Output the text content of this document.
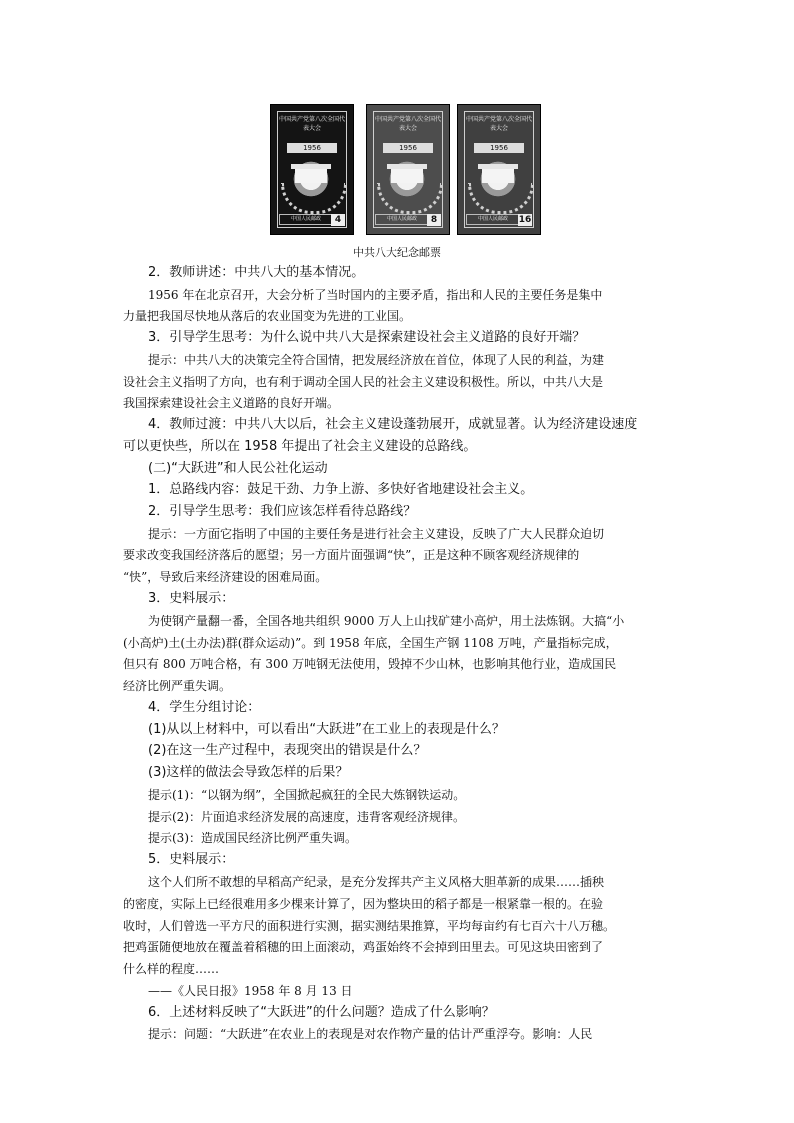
中国共产党第八次全国代表大会
1956
中国人民邮政	4
中国共产党第八次全国代表大会
1956
中国人民邮政	8
中国共产党第八次全国代表大会
1956
中国人民邮政	16
中共八大纪念邮票
2．教师讲述：中共八大的基本情况。
1956 年在北京召开，大会分析了当时国内的主要矛盾，指出和人民的主要任务是集中
力量把我国尽快地从落后的农业国变为先进的工业国。
3．引导学生思考：为什么说中共八大是探索建设社会主义道路的良好开端？
提示：中共八大的决策完全符合国情，把发展经济放在首位，体现了人民的利益，为建
设社会主义指明了方向，也有利于调动全国人民的社会主义建设积极性。所以，中共八大是
我国探索建设社会主义道路的良好开端。
4．教师过渡：中共八大以后，社会主义建设蓬勃展开，成就显著。认为经济建设速度
可以更快些，所以在 1958 年提出了社会主义建设的总路线。
(二)“大跃进”和人民公社化运动
1．总路线内容：鼓足干劲、力争上游、多快好省地建设社会主义。
2．引导学生思考：我们应该怎样看待总路线？
提示：一方面它指明了中国的主要任务是进行社会主义建设，反映了广大人民群众迫切
要求改变我国经济落后的愿望；另一方面片面强调“快”，正是这种不顾客观经济规律的
“快”，导致后来经济建设的困难局面。
3．史料展示：
为使钢产量翻一番，全国各地共组织 9000 万人上山找矿建小高炉，用土法炼钢。大搞“小
(小高炉)土(土办法)群(群众运动)”。到 1958 年底，全国生产钢 1108 万吨，产量指标完成，
但只有 800 万吨合格，有 300 万吨钢无法使用，毁掉不少山林，也影响其他行业，造成国民
经济比例严重失调。
4．学生分组讨论：
(1)从以上材料中，可以看出“大跃进”在工业上的表现是什么？
(2)在这一生产过程中，表现突出的错误是什么？
(3)这样的做法会导致怎样的后果？
提示(1)：“以钢为纲”，全国掀起疯狂的全民大炼钢铁运动。
提示(2)：片面追求经济发展的高速度，违背客观经济规律。
提示(3)：造成国民经济比例严重失调。
5．史料展示：
这个人们所不敢想的早稻高产纪录，是充分发挥共产主义风格大胆革新的成果……插秧
的密度，实际上已经很难用多少棵来计算了，因为整块田的稻子都是一根紧靠一根的。在验
收时，人们曾选一平方尺的面积进行实测，据实测结果推算，平均每亩约有七百六十八万穗。
把鸡蛋随便地放在覆盖着稻穗的田上面滚动，鸡蛋始终不会掉到田里去。可见这块田密到了
什么样的程度……
——《人民日报》1958 年 8 月 13 日
6．上述材料反映了“大跃进”的什么问题？造成了什么影响？
提示：问题：“大跃进”在农业上的表现是对农作物产量的估计严重浮夸。影响：人民
